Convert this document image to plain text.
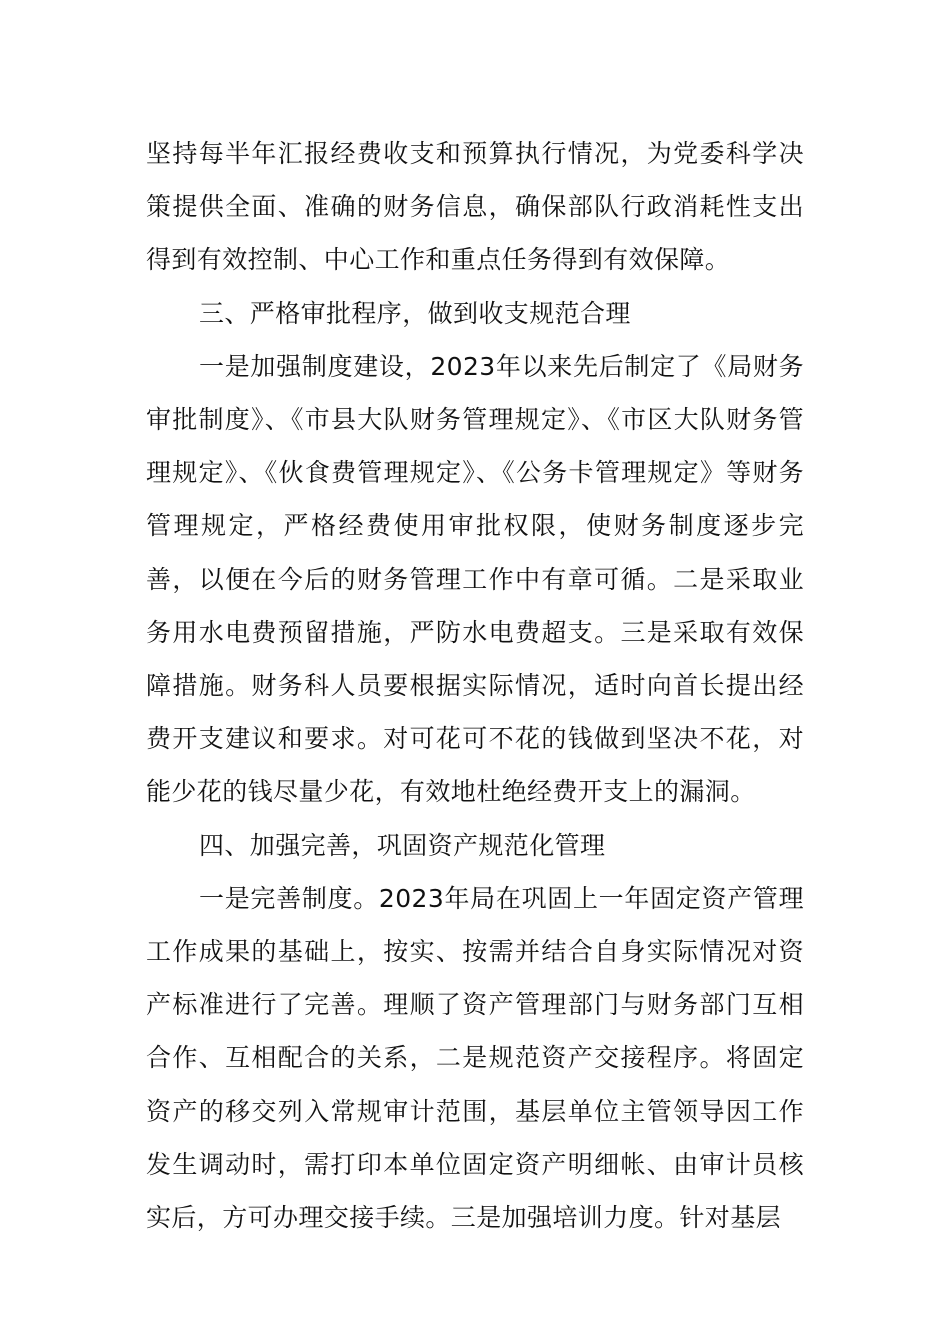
坚持每半年汇报经费收支和预算执行情况，为党委科学决策提供全面、准确的财务信息，确保部队行政消耗性支出得到有效控制、中心工作和重点任务得到有效保障。

三、严格审批程序，做到收支规范合理

一是加强制度建设，2023年以来先后制定了《局财务审批制度》、《市县大队财务管理规定》、《市区大队财务管理规定》、《伙食费管理规定》、《公务卡管理规定》等财务管理规定，严格经费使用审批权限，使财务制度逐步完善，以便在今后的财务管理工作中有章可循。二是采取业务用水电费预留措施，严防水电费超支。三是采取有效保障措施。财务科人员要根据实际情况，适时向首长提出经费开支建议和要求。对可花可不花的钱做到坚决不花，对能少花的钱尽量少花，有效地杜绝经费开支上的漏洞。

四、加强完善，巩固资产规范化管理

一是完善制度。2023年局在巩固上一年固定资产管理工作成果的基础上，按实、按需并结合自身实际情况对资产标准进行了完善。理顺了资产管理部门与财务部门互相合作、互相配合的关系，二是规范资产交接程序。将固定资产的移交列入常规审计范围，基层单位主管领导因工作发生调动时，需打印本单位固定资产明细帐、由审计员核实后，方可办理交接手续。三是加强培训力度。针对基层
